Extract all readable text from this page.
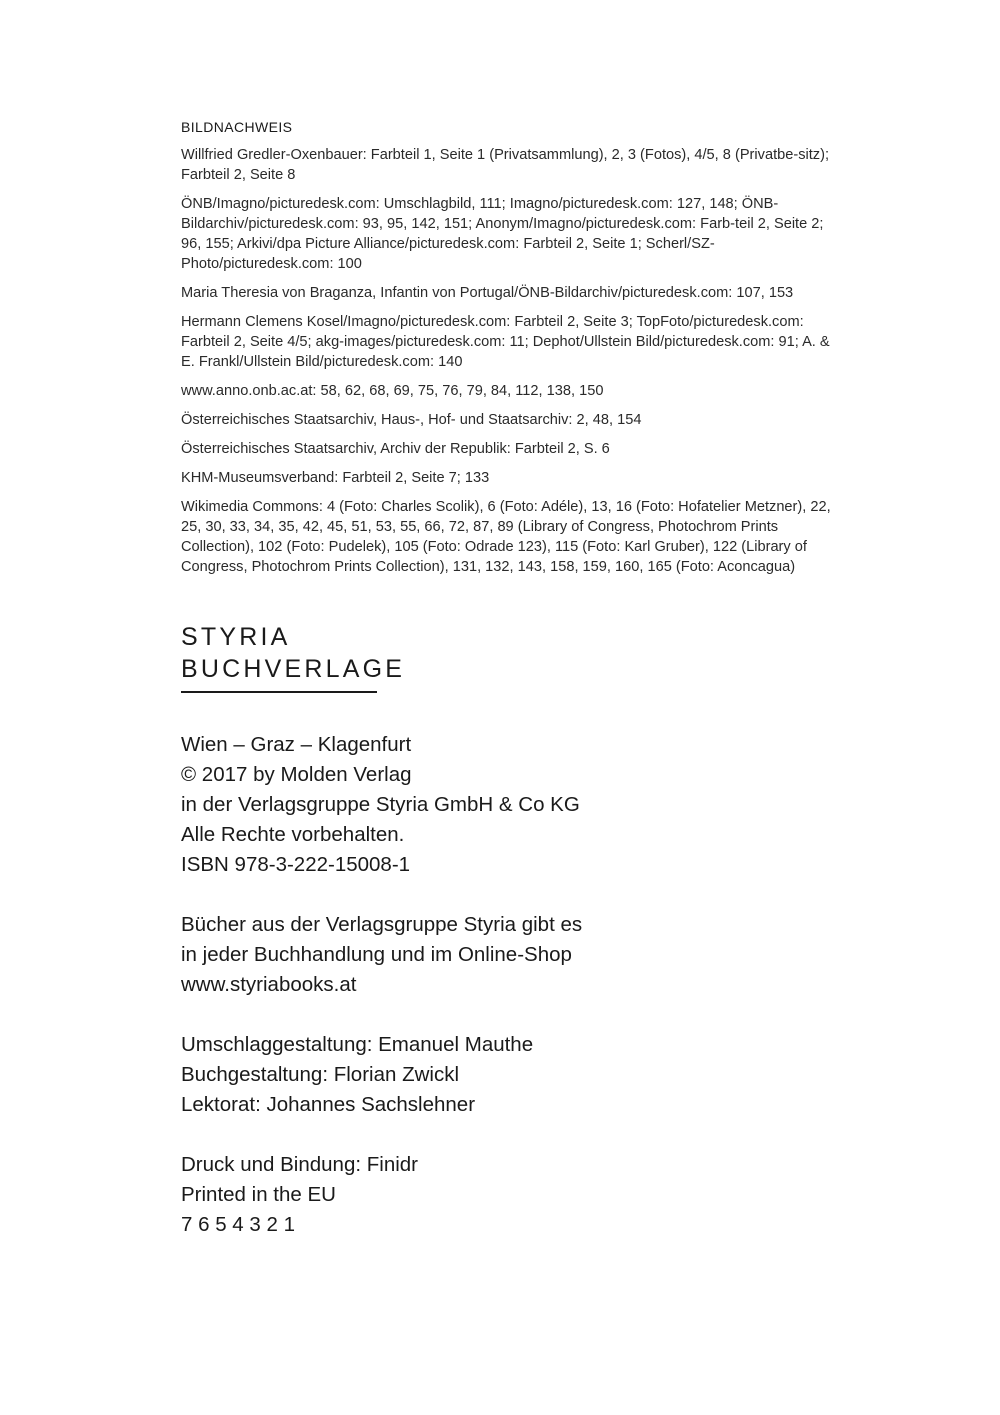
BILDNACHWEIS

Willfried Gredler-Oxenbauer: Farbteil 1, Seite 1 (Privatsammlung), 2, 3 (Fotos), 4/5, 8 (Privatbe-sitz); Farbteil 2, Seite 8

ÖNB/Imagno/picturedesk.com: Umschlagbild, 111; Imagno/picturedesk.com: 127, 148; ÖNB-Bildarchiv/picturedesk.com: 93, 95, 142, 151; Anonym/Imagno/picturedesk.com: Farb-teil 2, Seite 2; 96, 155; Arkivi/dpa Picture Alliance/picturedesk.com: Farbteil 2, Seite 1; Scherl/SZ-Photo/picturedesk.com: 100

Maria Theresia von Braganza, Infantin von Portugal/ÖNB-Bildarchiv/picturedesk.com: 107, 153

Hermann Clemens Kosel/Imagno/picturedesk.com: Farbteil 2, Seite 3; TopFoto/picturedesk.com: Farbteil 2, Seite 4/5; akg-images/picturedesk.com: 11; Dephot/Ullstein Bild/picturedesk.com: 91; A. & E. Frankl/Ullstein Bild/picturedesk.com: 140

www.anno.onb.ac.at: 58, 62, 68, 69, 75, 76, 79, 84, 112, 138, 150

Österreichisches Staatsarchiv, Haus-, Hof- und Staatsarchiv: 2, 48, 154

Österreichisches Staatsarchiv, Archiv der Republik: Farbteil 2, S. 6

KHM-Museumsverband: Farbteil 2, Seite 7; 133

Wikimedia Commons: 4 (Foto: Charles Scolik), 6 (Foto: Adéle), 13, 16 (Foto: Hofatelier Metzner), 22, 25, 30, 33, 34, 35, 42, 45, 51, 53, 55, 66, 72, 87, 89 (Library of Congress, Photochrom Prints Collection), 102 (Foto: Pudelek), 105 (Foto: Odrade 123), 115 (Foto: Karl Gruber), 122 (Library of Congress, Photochrom Prints Collection), 131, 132, 143, 158, 159, 160, 165 (Foto: Aconcagua)

STYRIA
BUCHVERLAGE
Wien – Graz – Klagenfurt
© 2017 by Molden Verlag
in der Verlagsgruppe Styria GmbH & Co KG
Alle Rechte vorbehalten.
ISBN 978-3-222-15008-1
Bücher aus der Verlagsgruppe Styria gibt es
in jeder Buchhandlung und im Online-Shop
www.styriabooks.at
Umschlaggestaltung: Emanuel Mauthe
Buchgestaltung: Florian Zwickl
Lektorat: Johannes Sachslehner
Druck und Bindung: Finidr
Printed in the EU
7 6 5 4 3 2 1
